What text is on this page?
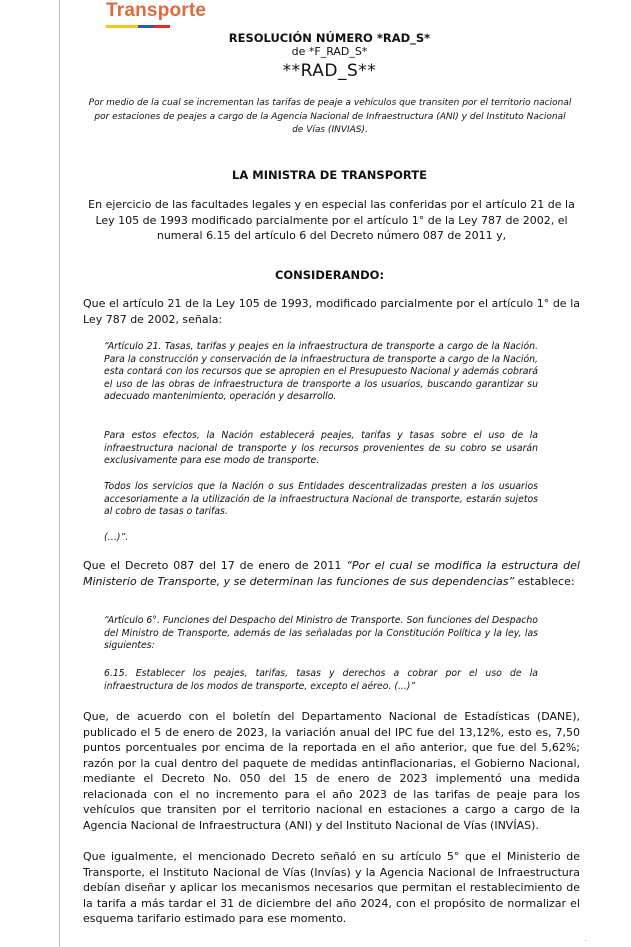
Transporte
RESOLUCIÓN NÚMERO *RAD_S*
de *F_RAD_S*
**RAD_S**
Por medio de la cual se incrementan las tarifas de peaje a vehículos que transiten por el territorio nacional por estaciones de peajes a cargo de la Agencia Nacional de Infraestructura (ANI) y del Instituto Nacional de Vías (INVIAS).
LA MINISTRA DE TRANSPORTE
En ejercicio de las facultades legales y en especial las conferidas por el artículo 21 de la Ley 105 de 1993 modificado parcialmente por el artículo 1° de la Ley 787 de 2002, el numeral 6.15 del artículo 6 del Decreto número 087 de 2011 y,
CONSIDERANDO:
Que el artículo 21 de la Ley 105 de 1993, modificado parcialmente por el artículo 1° de la Ley 787 de 2002, señala:
“Artículo 21. Tasas, tarifas y peajes en la infraestructura de transporte a cargo de la Nación. Para la construcción y conservación de la infraestructura de transporte a cargo de la Nación, esta contará con los recursos que se apropien en el Presupuesto Nacional y además cobrará el uso de las obras de infraestructura de transporte a los usuarios, buscando garantizar su adecuado mantenimiento, operación y desarrollo.
Para estos efectos, la Nación establecerá peajes, tarifas y tasas sobre el uso de la infraestructura nacional de transporte y los recursos provenientes de su cobro se usarán exclusivamente para ese modo de transporte.
Todos los servicios que la Nación o sus Entidades descentralizadas presten a los usuarios accesoriamente a la utilización de la infraestructura Nacional de transporte, estarán sujetos al cobro de tasas o tarifas.
(…)”.
Que el Decreto 087 del 17 de enero de 2011 “Por el cual se modifica la estructura del Ministerio de Transporte, y se determinan las funciones de sus dependencias” establece:
“Artículo 6°. Funciones del Despacho del Ministro de Transporte. Son funciones del Despacho del Ministro de Transporte, además de las señaladas por la Constitución Política y la ley, las siguientes:
6.15. Establecer los peajes, tarifas, tasas y derechos a cobrar por el uso de la infraestructura de los modos de transporte, excepto el aéreo. (...)”
Que, de acuerdo con el boletín del Departamento Nacional de Estadísticas (DANE), publicado el 5 de enero de 2023, la variación anual del IPC fue del 13,12%, esto es, 7,50 puntos porcentuales por encima de la reportada en el año anterior, que fue del 5,62%; razón por la cual dentro del paquete de medidas antinflacionarias, el Gobierno Nacional, mediante el Decreto No. 050 del 15 de enero de 2023 implementó una medida relacionada con el no incremento para el año 2023 de las tarifas de peaje para los vehículos que transiten por el territorio nacional en estaciones a cargo a cargo de la Agencia Nacional de Infraestructura (ANI) y del Instituto Nacional de Vías (INVÍAS).
Que igualmente, el mencionado Decreto señaló en su artículo 5° que el Ministerio de Transporte, el Instituto Nacional de Vías (Invías) y la Agencia Nacional de Infraestructura debían diseñar y aplicar los mecanismos necesarios que permitan el restablecimiento de la tarifa a más tardar el 31 de diciembre del año 2024, con el propósito de normalizar el esquema tarifario estimado para ese momento.
·
